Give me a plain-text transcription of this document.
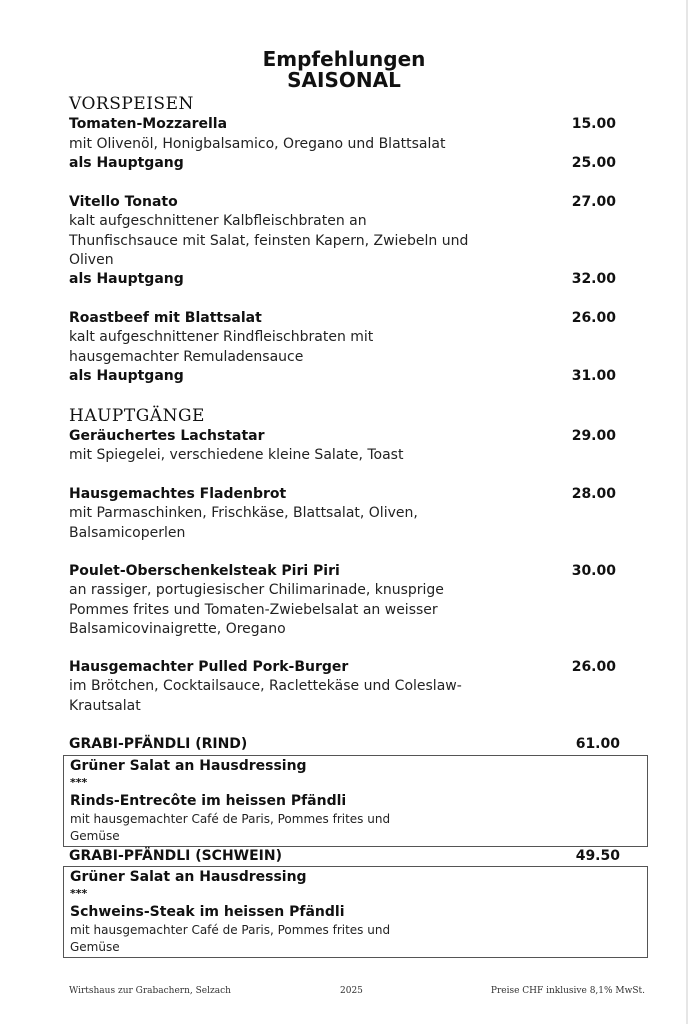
Empfehlungen
SAISONAL
VORSPEISEN
Tomaten-Mozzarella	15.00
mit Olivenöl, Honigbalsamico, Oregano und Blattsalat
als Hauptgang	25.00
Vitello Tonato	27.00
kalt aufgeschnittener Kalbfleischbraten an Thunfischsauce mit Salat, feinsten Kapern, Zwiebeln und Oliven
als Hauptgang	32.00
Roastbeef mit Blattsalat	26.00
kalt aufgeschnittener Rindfleischbraten mit hausgemachter Remuladensauce
als Hauptgang	31.00
HAUPTGÄNGE
Geräuchertes Lachstatar	29.00
mit Spiegelei, verschiedene kleine Salate, Toast
Hausgemachtes Fladenbrot	28.00
mit Parmaschinken, Frischkäse, Blattsalat, Oliven, Balsamicoperlen
Poulet-Oberschenkelsteak Piri Piri	30.00
an rassiger, portugiesischer Chilimarinade, knusprige Pommes frites und Tomaten-Zwiebelsalat an weisser Balsamicovinaigrette, Oregano
Hausgemachter Pulled Pork-Burger	26.00
im Brötchen, Cocktailsauce, Raclettekäse und Coleslaw-Krautsalat
GRABI-PFÄNDLI (RIND)	61.00
Grüner Salat an Hausdressing
***
Rinds-Entrecôte im heissen Pfändli
mit hausgemachter Café de Paris, Pommes frites und Gemüse
GRABI-PFÄNDLI (SCHWEIN)	49.50
Grüner Salat an Hausdressing
***
Schweins-Steak im heissen Pfändli
mit hausgemachter Café de Paris, Pommes frites und Gemüse
Wirtshaus zur Grabachern, Selzach	2025	Preise CHF inklusive 8,1% MwSt.
